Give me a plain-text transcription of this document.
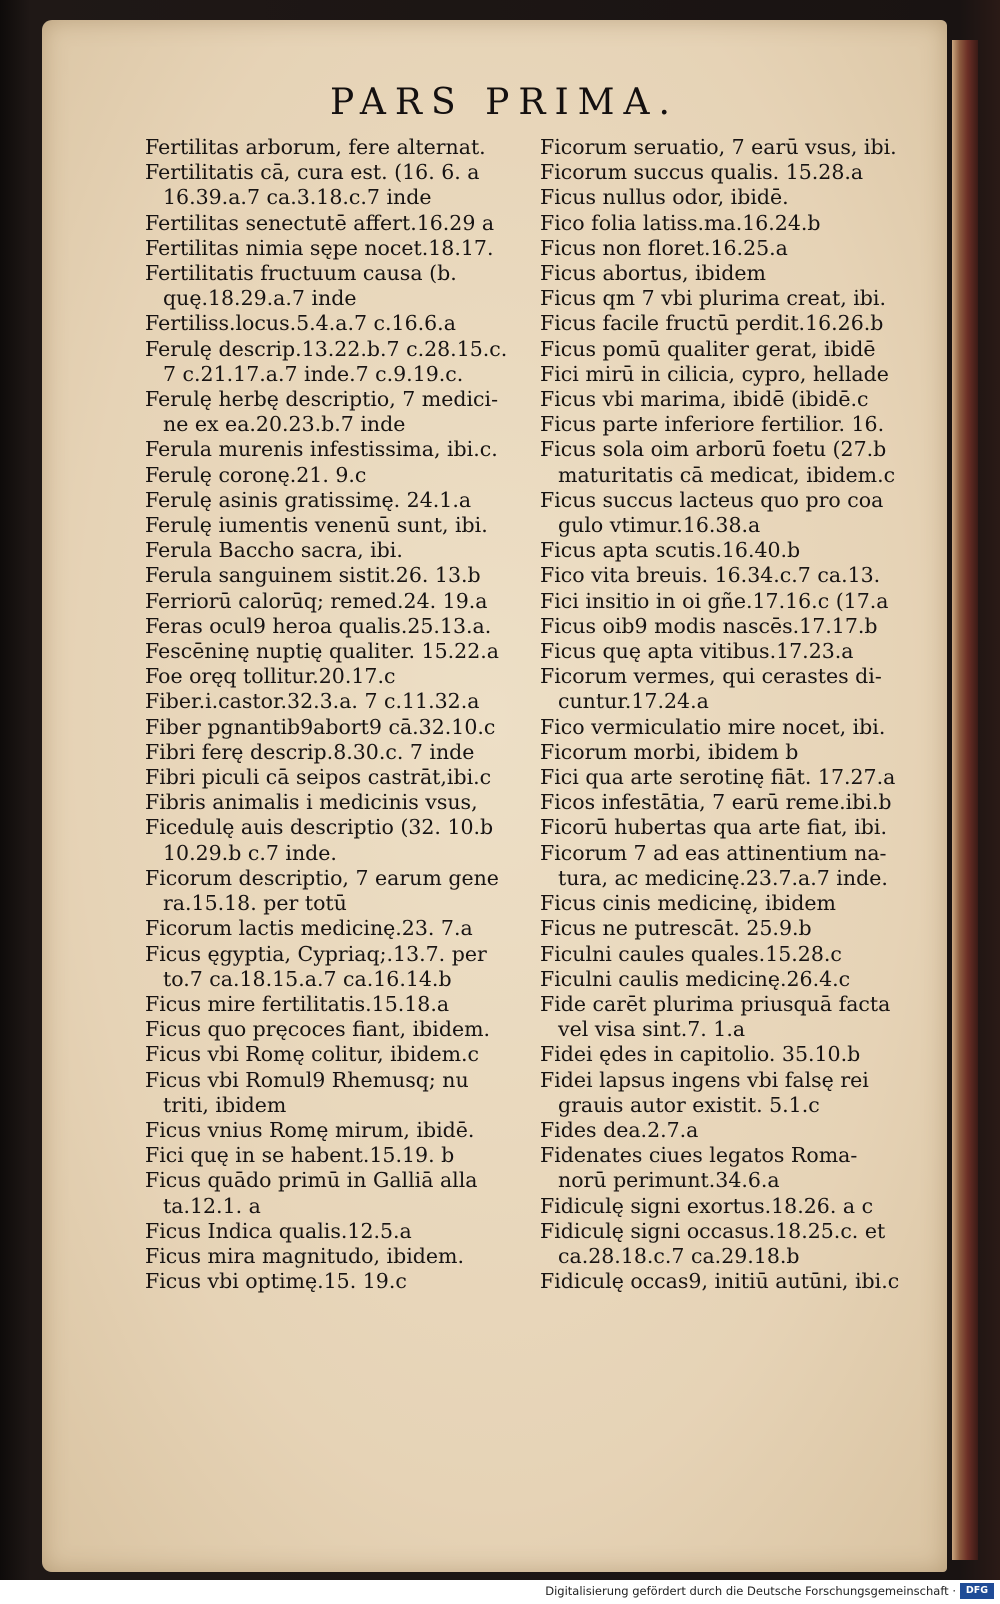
PARS PRIMA.
Fertilitas arborum, fere alternat.
Fertilitatis cā, cura est. (16. 6. a
16.39.a.7 ca.3.18.c.7 inde
Fertilitas senectutē affert.16.29 a
Fertilitas nimia sępe nocet.18.17.
Fertilitatis fructuum causa (b.
quę.18.29.a.7 inde
Fertiliss.locus.5.4.a.7 c.16.6.a
Ferulę descrip.13.22.b.7 c.28.15.c.
7 c.21.17.a.7 inde.7 c.9.19.c.
Ferulę herbę descriptio, 7 medici-
ne ex ea.20.23.b.7 inde
Ferula murenis infestissima, ibi.c.
Ferulę coronę.21. 9.c
Ferulę asinis gratissimę. 24.1.a
Ferulę iumentis venenū sunt, ibi.
Ferula Baccho sacra, ibi.
Ferula sanguinem sistit.26. 13.b
Ferriorū calorūq; remed.24. 19.a
Feras ocul9 heroa qualis.25.13.a.
Fescēninę nuptię qualiter. 15.22.a
Foe oręq tollitur.20.17.c
Fiber.i.castor.32.3.a. 7 c.11.32.a
Fiber pgnantib9abort9 cā.32.10.c
Fibri ferę descrip.8.30.c. 7 inde
Fibri piculi cā seipos castrāt,ibi.c
Fibris animalis i medicinis vsus,
Ficedulę auis descriptio (32. 10.b
10.29.b c.7 inde.
Ficorum descriptio, 7 earum gene
ra.15.18. per totū
Ficorum lactis medicinę.23. 7.a
Ficus ęgyptia, Cypriaq;.13.7. per
to.7 ca.18.15.a.7 ca.16.14.b
Ficus mire fertilitatis.15.18.a
Ficus quo pręcoces fiant, ibidem.
Ficus vbi Romę colitur, ibidem.c
Ficus vbi Romul9 Rhemusq; nu
triti, ibidem
Ficus vnius Romę mirum, ibidē.
Fici quę in se habent.15.19. b
Ficus quādo primū in Galliā alla
ta.12.1. a
Ficus Indica qualis.12.5.a
Ficus mira magnitudo, ibidem.
Ficus vbi optimę.15. 19.c
Ficorum seruatio, 7 earū vsus, ibi.
Ficorum succus qualis. 15.28.a
Ficus nullus odor, ibidē.
Fico folia latiss.ma.16.24.b
Ficus non floret.16.25.a
Ficus abortus, ibidem
Ficus qm 7 vbi plurima creat, ibi.
Ficus facile fructū perdit.16.26.b
Ficus pomū qualiter gerat, ibidē
Fici mirū in cilicia, cypro, hellade
Ficus vbi marima, ibidē (ibidē.c
Ficus parte inferiore fertilior. 16.
Ficus sola oim arborū foetu (27.b
maturitatis cā medicat, ibidem.c
Ficus succus lacteus quo pro coa
gulo vtimur.16.38.a
Ficus apta scutis.16.40.b
Fico vita breuis. 16.34.c.7 ca.13.
Fici insitio in oi gñe.17.16.c (17.a
Ficus oib9 modis nascēs.17.17.b
Ficus quę apta vitibus.17.23.a
Ficorum vermes, qui cerastes di-
cuntur.17.24.a
Fico vermiculatio mire nocet, ibi.
Ficorum morbi, ibidem b
Fici qua arte serotinę fiāt. 17.27.a
Ficos infestātia, 7 earū reme.ibi.b
Ficorū hubertas qua arte fiat, ibi.
Ficorum 7 ad eas attinentium na-
tura, ac medicinę.23.7.a.7 inde.
Ficus cinis medicinę, ibidem
Ficus ne putrescāt. 25.9.b
Ficulni caules quales.15.28.c
Ficulni caulis medicinę.26.4.c
Fide carēt plurima priusquā facta
vel visa sint.7. 1.a
Fidei ędes in capitolio. 35.10.b
Fidei lapsus ingens vbi falsę rei
grauis autor existit. 5.1.c
Fides dea.2.7.a
Fidenates ciues legatos Roma-
norū perimunt.34.6.a
Fidiculę signi exortus.18.26. a c
Fidiculę signi occasus.18.25.c. et
ca.28.18.c.7 ca.29.18.b
Fidiculę occas9, initiū autūni, ibi.c
Digitalisierung gefördert durch die Deutsche Forschungsgemeinschaft ·	DFG
